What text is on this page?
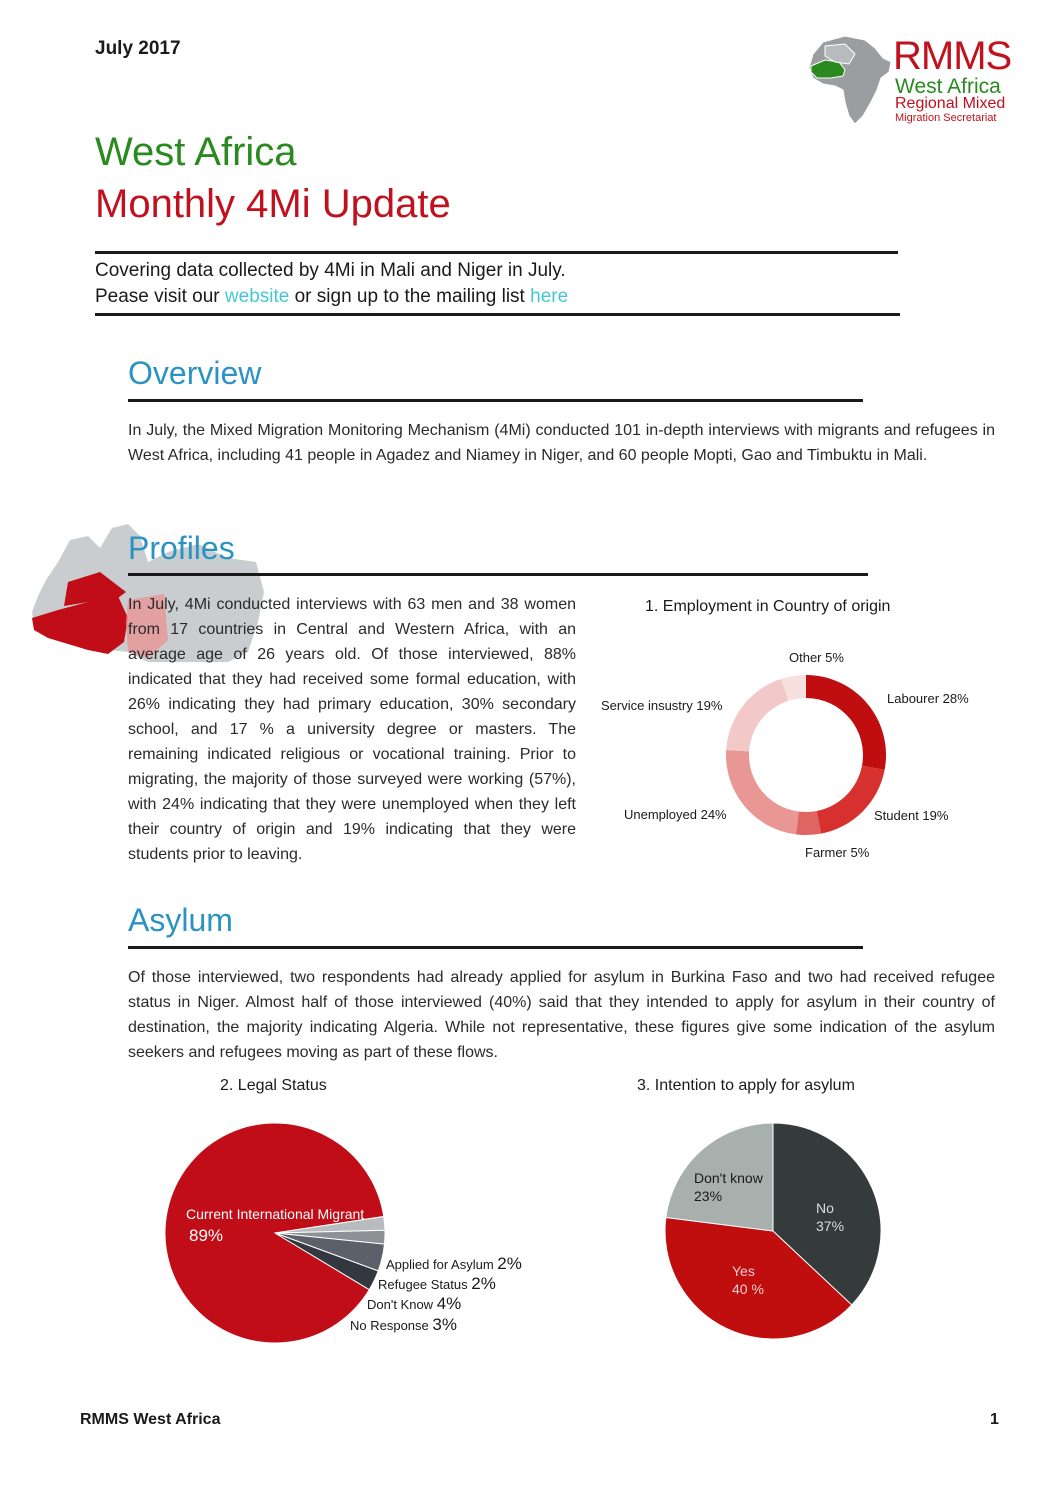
July 2017	RMMS
West Africa
Regional Mixed
Migration Secretariat
West Africa
Monthly 4Mi Update
Covering data collected by 4Mi in Mali and Niger in July.
Pease visit our website or sign up to the mailing list here
Overview
In July, the Mixed Migration Monitoring Mechanism (4Mi) conducted 101 in-depth interviews with migrants and refugees in West Africa, including 41 people in Agadez and Niamey in Niger, and 60 people Mopti, Gao and Timbuktu in Mali.
Profiles
In July, 4Mi conducted interviews with 63 men and 38 women from 17 countries in Central and Western Africa, with an average age of 26 years old. Of those interviewed, 88% indicated that they had received some formal education, with 26% indicating they had primary education, 30% secondary school, and 17 % a university degree or masters. The remaining indicated religious or vocational training. Prior to migrating, the majority of those surveyed were working (57%), with 24% indicating that they were unemployed when they left their country of origin and 19% indicating that they were students prior to leaving.
1. Employment in Country of origin
Other 5%
Labourer 28%
Service insustry 19%
Unemployed 24%	Student 19%
Farmer 5%
Asylum
Of those interviewed, two respondents had already applied for asylum in Burkina Faso and two had received refugee status in Niger. Almost half of those interviewed (40%) said that they intended to apply for asylum in their country of destination, the majority indicating Algeria. While not representative, these figures give some indication of the asylum seekers and refugees moving as part of these flows.
2. Legal Status
Current International Migrant
89%
Applied for Asylum 2%
Refugee Status 2%
Don't Know 4%
No Response 3%
3. Intention to apply for asylum
Don't know
23%
No
37%
Yes
40 %
RMMS West Africa	1
